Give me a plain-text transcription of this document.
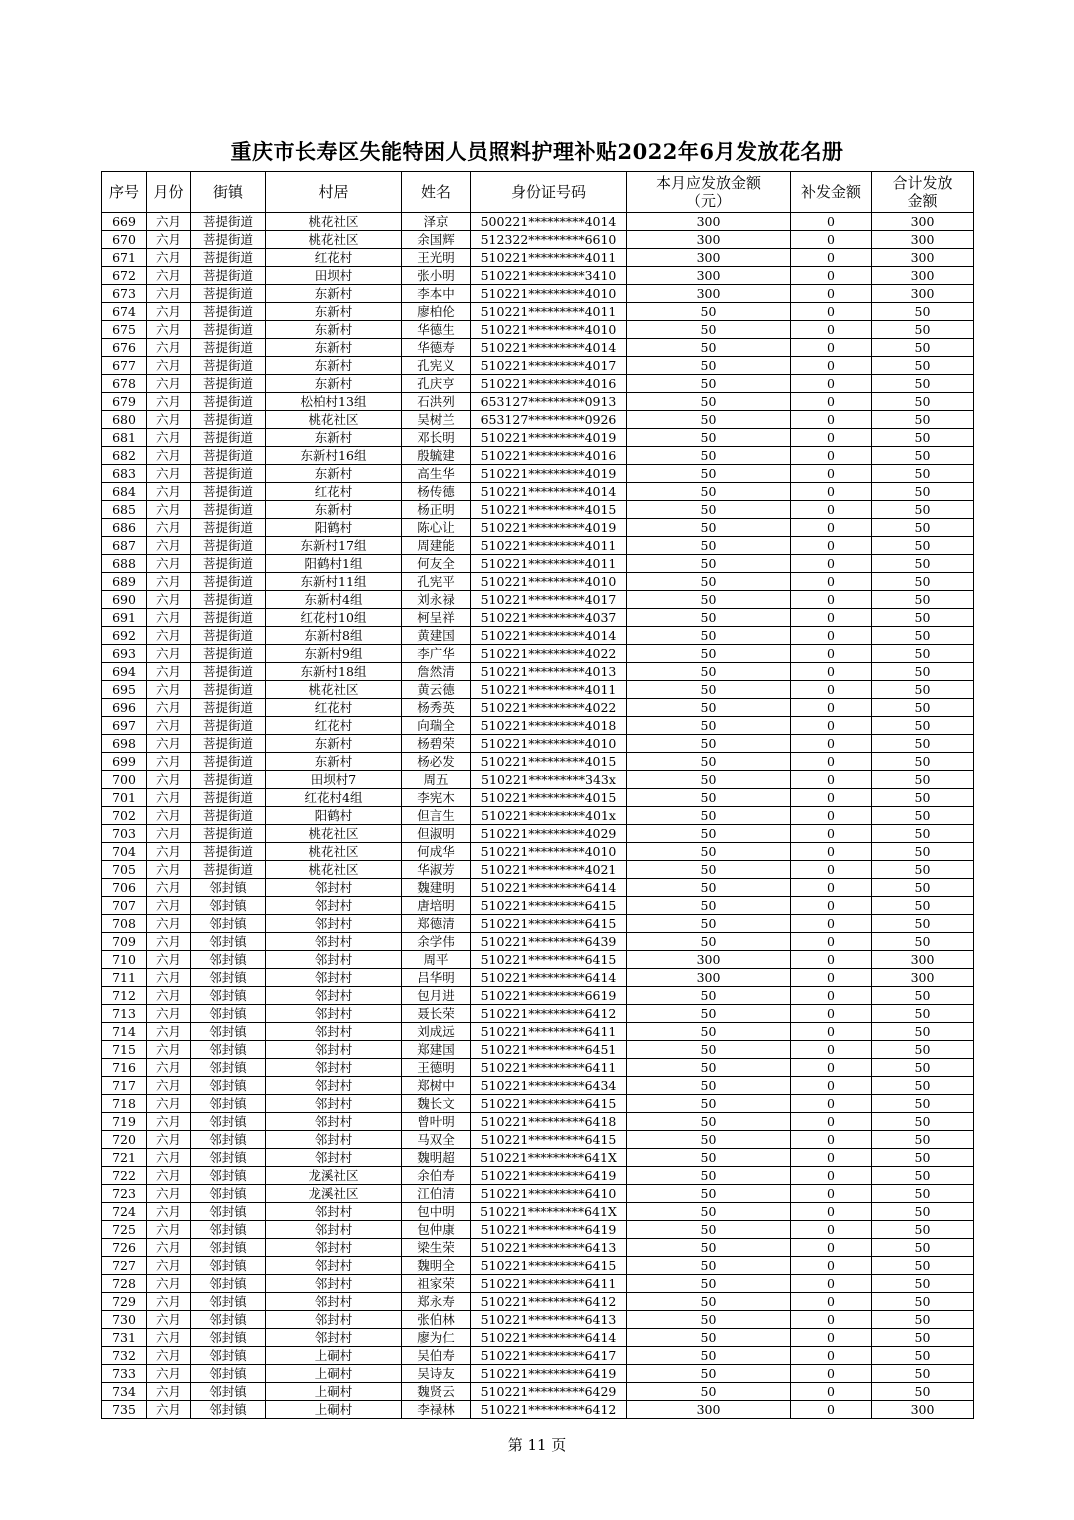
重庆市长寿区失能特困人员照料护理补贴2022年6月发放花名册
序号	月份	街镇	村居	姓名	身份证号码	本月应发放金额（元）	补发金额	合计发放金额
669	六月	菩提街道	桃花社区	泽京	500221*********4014	300	0	300
670	六月	菩提街道	桃花社区	余国辉	512322*********6610	300	0	300
671	六月	菩提街道	红花村	王光明	510221*********4011	300	0	300
672	六月	菩提街道	田坝村	张小明	510221*********3410	300	0	300
673	六月	菩提街道	东新村	李本中	510221*********4010	300	0	300
674	六月	菩提街道	东新村	廖柏伦	510221*********4011	50	0	50
675	六月	菩提街道	东新村	华德生	510221*********4010	50	0	50
676	六月	菩提街道	东新村	华德寿	510221*********4014	50	0	50
677	六月	菩提街道	东新村	孔宪义	510221*********4017	50	0	50
678	六月	菩提街道	东新村	孔庆亨	510221*********4016	50	0	50
679	六月	菩提街道	松柏村13组	石洪列	653127*********0913	50	0	50
680	六月	菩提街道	桃花社区	吴树兰	653127*********0926	50	0	50
681	六月	菩提街道	东新村	邓长明	510221*********4019	50	0	50
682	六月	菩提街道	东新村16组	殷毓建	510221*********4016	50	0	50
683	六月	菩提街道	东新村	高生华	510221*********4019	50	0	50
684	六月	菩提街道	红花村	杨传德	510221*********4014	50	0	50
685	六月	菩提街道	东新村	杨正明	510221*********4015	50	0	50
686	六月	菩提街道	阳鹤村	陈心让	510221*********4019	50	0	50
687	六月	菩提街道	东新村17组	周建能	510221*********4011	50	0	50
688	六月	菩提街道	阳鹤村1组	何友全	510221*********4011	50	0	50
689	六月	菩提街道	东新村11组	孔宪平	510221*********4010	50	0	50
690	六月	菩提街道	东新村4组	刘永禄	510221*********4017	50	0	50
691	六月	菩提街道	红花村10组	柯呈祥	510221*********4037	50	0	50
692	六月	菩提街道	东新村8组	黄建国	510221*********4014	50	0	50
693	六月	菩提街道	东新村9组	李广华	510221*********4022	50	0	50
694	六月	菩提街道	东新村18组	詹然清	510221*********4013	50	0	50
695	六月	菩提街道	桃花社区	黄云德	510221*********4011	50	0	50
696	六月	菩提街道	红花村	杨秀英	510221*********4022	50	0	50
697	六月	菩提街道	红花村	向瑞全	510221*********4018	50	0	50
698	六月	菩提街道	东新村	杨碧荣	510221*********4010	50	0	50
699	六月	菩提街道	东新村	杨必发	510221*********4015	50	0	50
700	六月	菩提街道	田坝村7	周五	510221*********343x	50	0	50
701	六月	菩提街道	红花村4组	李宪木	510221*********4015	50	0	50
702	六月	菩提街道	阳鹤村	但言生	510221*********401x	50	0	50
703	六月	菩提街道	桃花社区	但淑明	510221*********4029	50	0	50
704	六月	菩提街道	桃花社区	何成华	510221*********4010	50	0	50
705	六月	菩提街道	桃花社区	华淑芳	510221*********4021	50	0	50
706	六月	邻封镇	邻封村	魏建明	510221*********6414	50	0	50
707	六月	邻封镇	邻封村	唐培明	510221*********6415	50	0	50
708	六月	邻封镇	邻封村	郑德清	510221*********6415	50	0	50
709	六月	邻封镇	邻封村	余学伟	510221*********6439	50	0	50
710	六月	邻封镇	邻封村	周平	510221*********6415	300	0	300
711	六月	邻封镇	邻封村	吕华明	510221*********6414	300	0	300
712	六月	邻封镇	邻封村	包月进	510221*********6619	50	0	50
713	六月	邻封镇	邻封村	聂长荣	510221*********6412	50	0	50
714	六月	邻封镇	邻封村	刘成远	510221*********6411	50	0	50
715	六月	邻封镇	邻封村	郑建国	510221*********6451	50	0	50
716	六月	邻封镇	邻封村	王德明	510221*********6411	50	0	50
717	六月	邻封镇	邻封村	郑树中	510221*********6434	50	0	50
718	六月	邻封镇	邻封村	魏长文	510221*********6415	50	0	50
719	六月	邻封镇	邻封村	曾叶明	510221*********6418	50	0	50
720	六月	邻封镇	邻封村	马双全	510221*********6415	50	0	50
721	六月	邻封镇	邻封村	魏明超	510221*********641X	50	0	50
722	六月	邻封镇	龙溪社区	余伯寿	510221*********6419	50	0	50
723	六月	邻封镇	龙溪社区	江伯清	510221*********6410	50	0	50
724	六月	邻封镇	邻封村	包中明	510221*********641X	50	0	50
725	六月	邻封镇	邻封村	包仲康	510221*********6419	50	0	50
726	六月	邻封镇	邻封村	梁生荣	510221*********6413	50	0	50
727	六月	邻封镇	邻封村	魏明全	510221*********6415	50	0	50
728	六月	邻封镇	邻封村	祖家荣	510221*********6411	50	0	50
729	六月	邻封镇	邻封村	郑永寿	510221*********6412	50	0	50
730	六月	邻封镇	邻封村	张伯林	510221*********6413	50	0	50
731	六月	邻封镇	邻封村	廖为仁	510221*********6414	50	0	50
732	六月	邻封镇	上硐村	吴伯寿	510221*********6417	50	0	50
733	六月	邻封镇	上硐村	吴诗友	510221*********6419	50	0	50
734	六月	邻封镇	上硐村	魏贤云	510221*********6429	50	0	50
735	六月	邻封镇	上硐村	李禄林	510221*********6412	300	0	300
第 11 页
